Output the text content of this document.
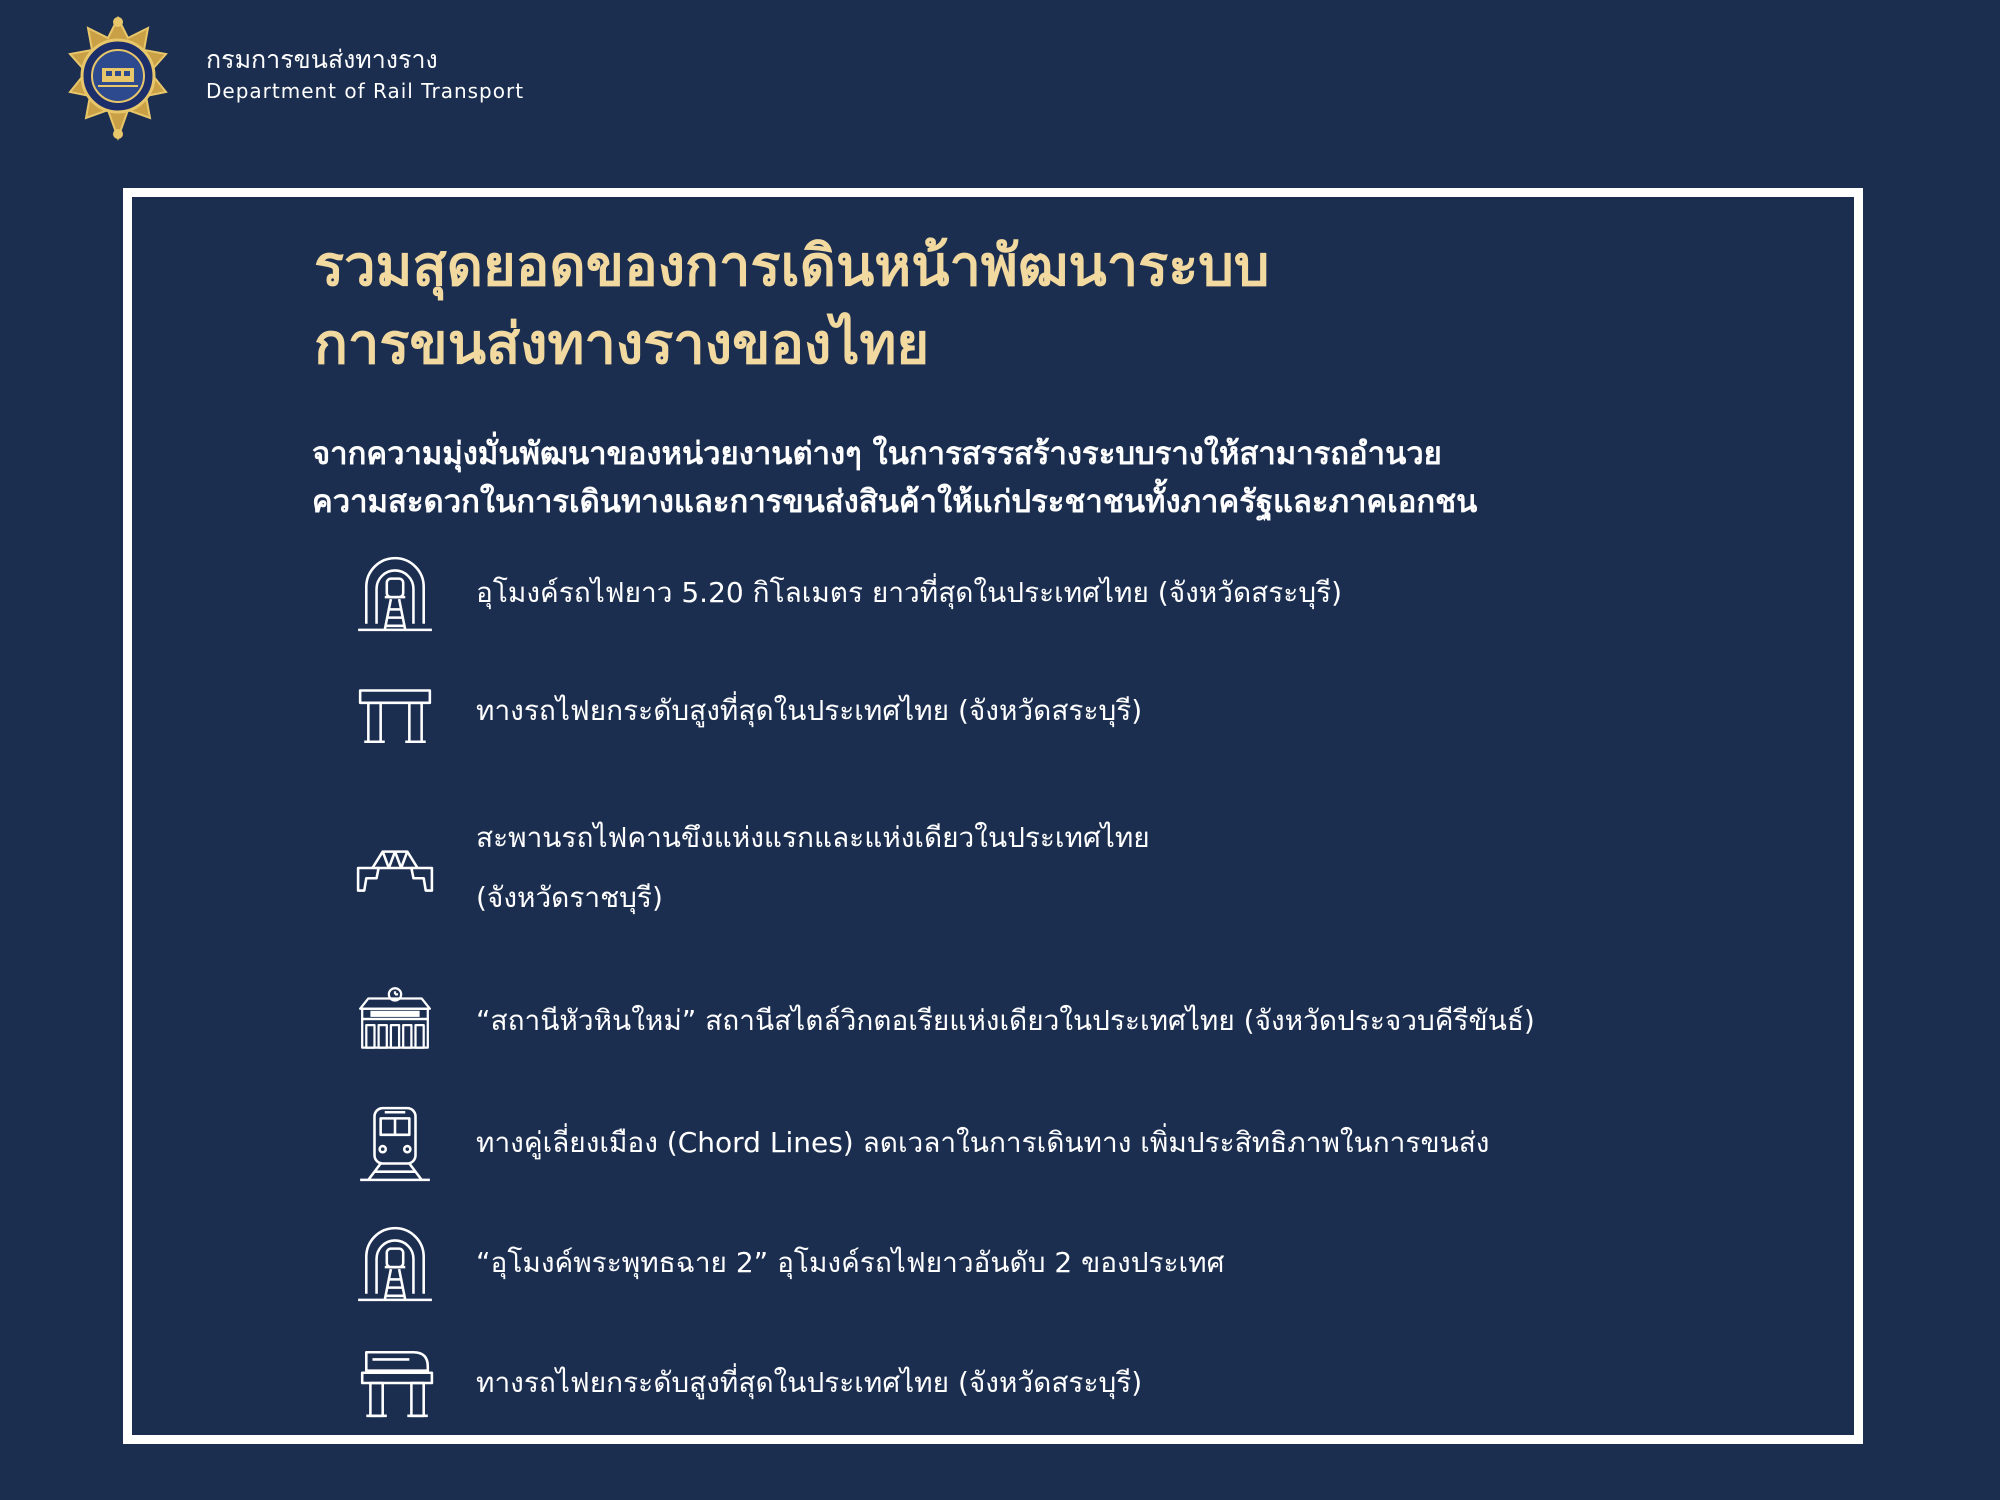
กรมการขนส่งทางราง
Department of Rail Transport
รวมสุดยอดของการเดินหน้าพัฒนาระบบ
การขนส่งทางรางของไทย
จากความมุ่งมั่นพัฒนาของหน่วยงานต่างๆ ในการสรรสร้างระบบรางให้สามารถอำนวย
ความสะดวกในการเดินทางและการขนส่งสินค้าให้แก่ประชาชนทั้งภาครัฐและภาคเอกชน
อุโมงค์รถไฟยาว 5.20 กิโลเมตร ยาวที่สุดในประเทศไทย (จังหวัดสระบุรี)
ทางรถไฟยกระดับสูงที่สุดในประเทศไทย (จังหวัดสระบุรี)
สะพานรถไฟคานขึงแห่งแรกและแห่งเดียวในประเทศไทย
(จังหวัดราชบุรี)
“สถานีหัวหินใหม่” สถานีสไตล์วิกตอเรียแห่งเดียวในประเทศไทย (จังหวัดประจวบคีรีขันธ์)
ทางคู่เลี่ยงเมือง (Chord Lines) ลดเวลาในการเดินทาง เพิ่มประสิทธิภาพในการขนส่ง
“อุโมงค์พระพุทธฉาย 2” อุโมงค์รถไฟยาวอันดับ 2 ของประเทศ
ทางรถไฟยกระดับสูงที่สุดในประเทศไทย (จังหวัดสระบุรี)
